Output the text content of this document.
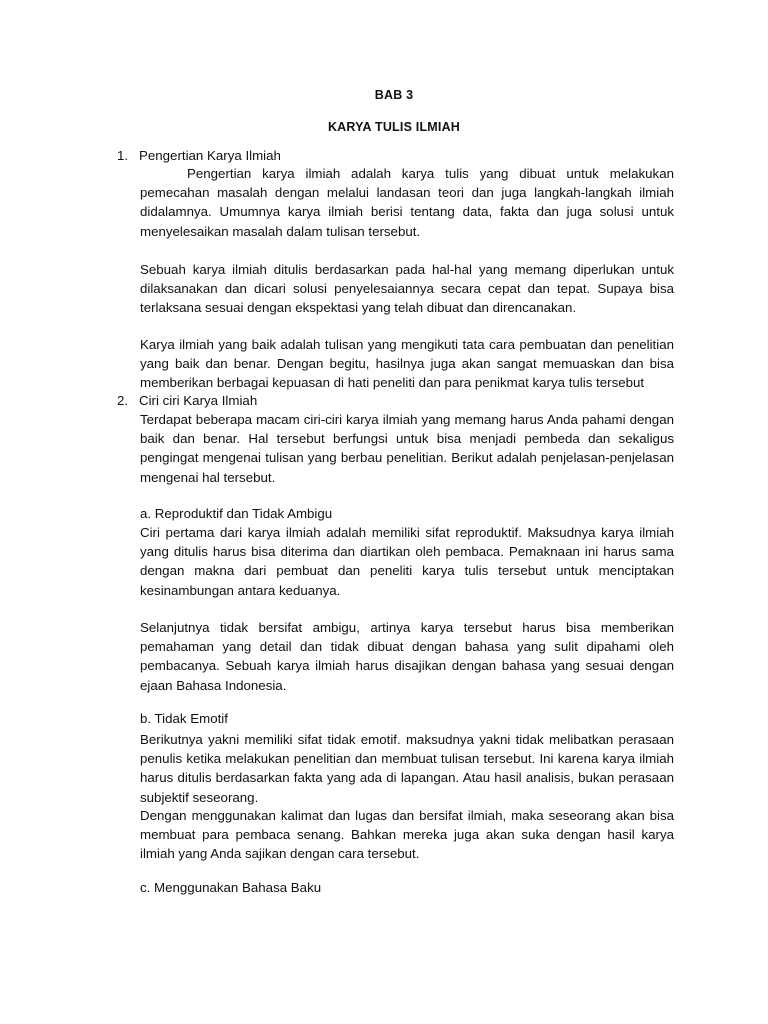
BAB 3
KARYA TULIS ILMIAH
1. Pengertian Karya Ilmiah

Pengertian karya ilmiah adalah karya tulis yang dibuat untuk melakukan pemecahan masalah dengan melalui landasan teori dan juga langkah-langkah ilmiah didalamnya. Umumnya karya ilmiah berisi tentang data, fakta dan juga solusi untuk menyelesaikan masalah dalam tulisan tersebut.

Sebuah karya ilmiah ditulis berdasarkan pada hal-hal yang memang diperlukan untuk dilaksanakan dan dicari solusi penyelesaiannya secara cepat dan tepat. Supaya bisa terlaksana sesuai dengan ekspektasi yang telah dibuat dan direncanakan.

Karya ilmiah yang baik adalah tulisan yang mengikuti tata cara pembuatan dan penelitian yang baik dan benar. Dengan begitu, hasilnya juga akan sangat memuaskan dan bisa memberikan berbagai kepuasan di hati peneliti dan para penikmat karya tulis tersebut

2. Ciri ciri Karya Ilmiah

Terdapat beberapa macam ciri-ciri karya ilmiah yang memang harus Anda pahami dengan baik dan benar. Hal tersebut berfungsi untuk bisa menjadi pembeda dan sekaligus pengingat mengenai tulisan yang berbau penelitian. Berikut adalah penjelasan-penjelasan mengenai hal tersebut.

a. Reproduktif dan Tidak Ambigu

Ciri pertama dari karya ilmiah adalah memiliki sifat reproduktif. Maksudnya karya ilmiah yang ditulis harus bisa diterima dan diartikan oleh pembaca. Pemaknaan ini harus sama dengan makna dari pembuat dan peneliti karya tulis tersebut untuk menciptakan kesinambungan antara keduanya.

Selanjutnya tidak bersifat ambigu, artinya karya tersebut harus bisa memberikan pemahaman yang detail dan tidak dibuat dengan bahasa yang sulit dipahami oleh pembacanya. Sebuah karya ilmiah harus disajikan dengan bahasa yang sesuai dengan ejaan Bahasa Indonesia.

b. Tidak Emotif

Berikutnya yakni memiliki sifat tidak emotif. maksudnya yakni tidak melibatkan perasaan penulis ketika melakukan penelitian dan membuat tulisan tersebut. Ini karena karya ilmiah harus ditulis berdasarkan fakta yang ada di lapangan. Atau hasil analisis, bukan perasaan subjektif seseorang.

Dengan menggunakan kalimat dan lugas dan bersifat ilmiah, maka seseorang akan bisa membuat para pembaca senang. Bahkan mereka juga akan suka dengan hasil karya ilmiah yang Anda sajikan dengan cara tersebut.

c. Menggunakan Bahasa Baku
